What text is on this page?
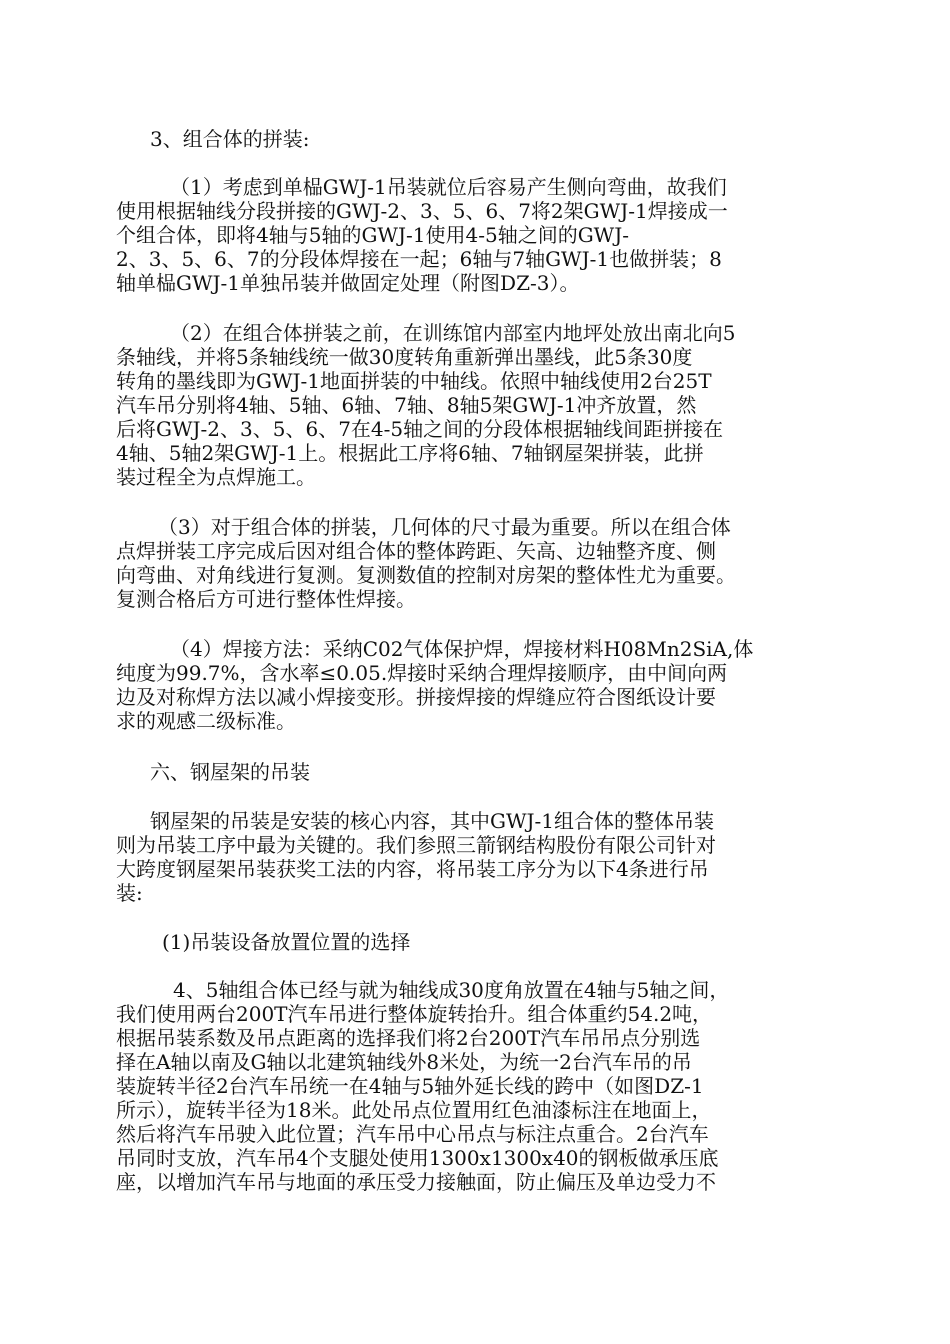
3、组合体的拼装:
（1）考虑到单榀GWJ-1吊装就位后容易产生侧向弯曲，故我们
使用根据轴线分段拼接的GWJ-2、3、5、6、7将2架GWJ-1焊接成一
个组合体，即将4轴与5轴的GWJ-1使用4-5轴之间的GWJ-
2、3、5、6、7的分段体焊接在一起；6轴与7轴GWJ-1也做拼装；8
轴单榀GWJ-1单独吊装并做固定处理（附图DZ-3）。
（2）在组合体拼装之前，在训练馆内部室内地坪处放出南北向5
条轴线，并将5条轴线统一做30度转角重新弹出墨线，此5条30度
转角的墨线即为GWJ-1地面拼装的中轴线。依照中轴线使用2台25T
汽车吊分别将4轴、5轴、6轴、7轴、8轴5架GWJ-1冲齐放置，然
后将GWJ-2、3、5、6、7在4-5轴之间的分段体根据轴线间距拼接在
4轴、5轴2架GWJ-1上。根据此工序将6轴、7轴钢屋架拼装，此拼
装过程全为点焊施工。
（3）对于组合体的拼装，几何体的尺寸最为重要。所以在组合体
点焊拼装工序完成后因对组合体的整体跨距、矢高、边轴整齐度、侧
向弯曲、对角线进行复测。复测数值的控制对房架的整体性尤为重要。
复测合格后方可进行整体性焊接。
（4）焊接方法：采纳C02气体保护焊，焊接材料H08Mn2SiA,体
纯度为99.7%，含水率≤0.05.焊接时采纳合理焊接顺序，由中间向两
边及对称焊方法以减小焊接变形。拼接焊接的焊缝应符合图纸设计要
求的观感二级标准。
六、钢屋架的吊装
钢屋架的吊装是安装的核心内容，其中GWJ-1组合体的整体吊装
则为吊装工序中最为关键的。我们参照三箭钢结构股份有限公司针对
大跨度钢屋架吊装获奖工法的内容，将吊装工序分为以下4条进行吊
装:
(1)吊装设备放置位置的选择
4、5轴组合体已经与就为轴线成30度角放置在4轴与5轴之间，
我们使用两台200T汽车吊进行整体旋转抬升。组合体重约54.2吨，
根据吊装系数及吊点距离的选择我们将2台200T汽车吊吊点分别选
择在A轴以南及G轴以北建筑轴线外8米处，为统一2台汽车吊的吊
装旋转半径2台汽车吊统一在4轴与5轴外延长线的跨中（如图DZ-1
所示），旋转半径为18米。此处吊点位置用红色油漆标注在地面上，
然后将汽车吊驶入此位置；汽车吊中心吊点与标注点重合。2台汽车
吊同时支放，汽车吊4个支腿处使用1300x1300x40的钢板做承压底
座，以增加汽车吊与地面的承压受力接触面，防止偏压及单边受力不
